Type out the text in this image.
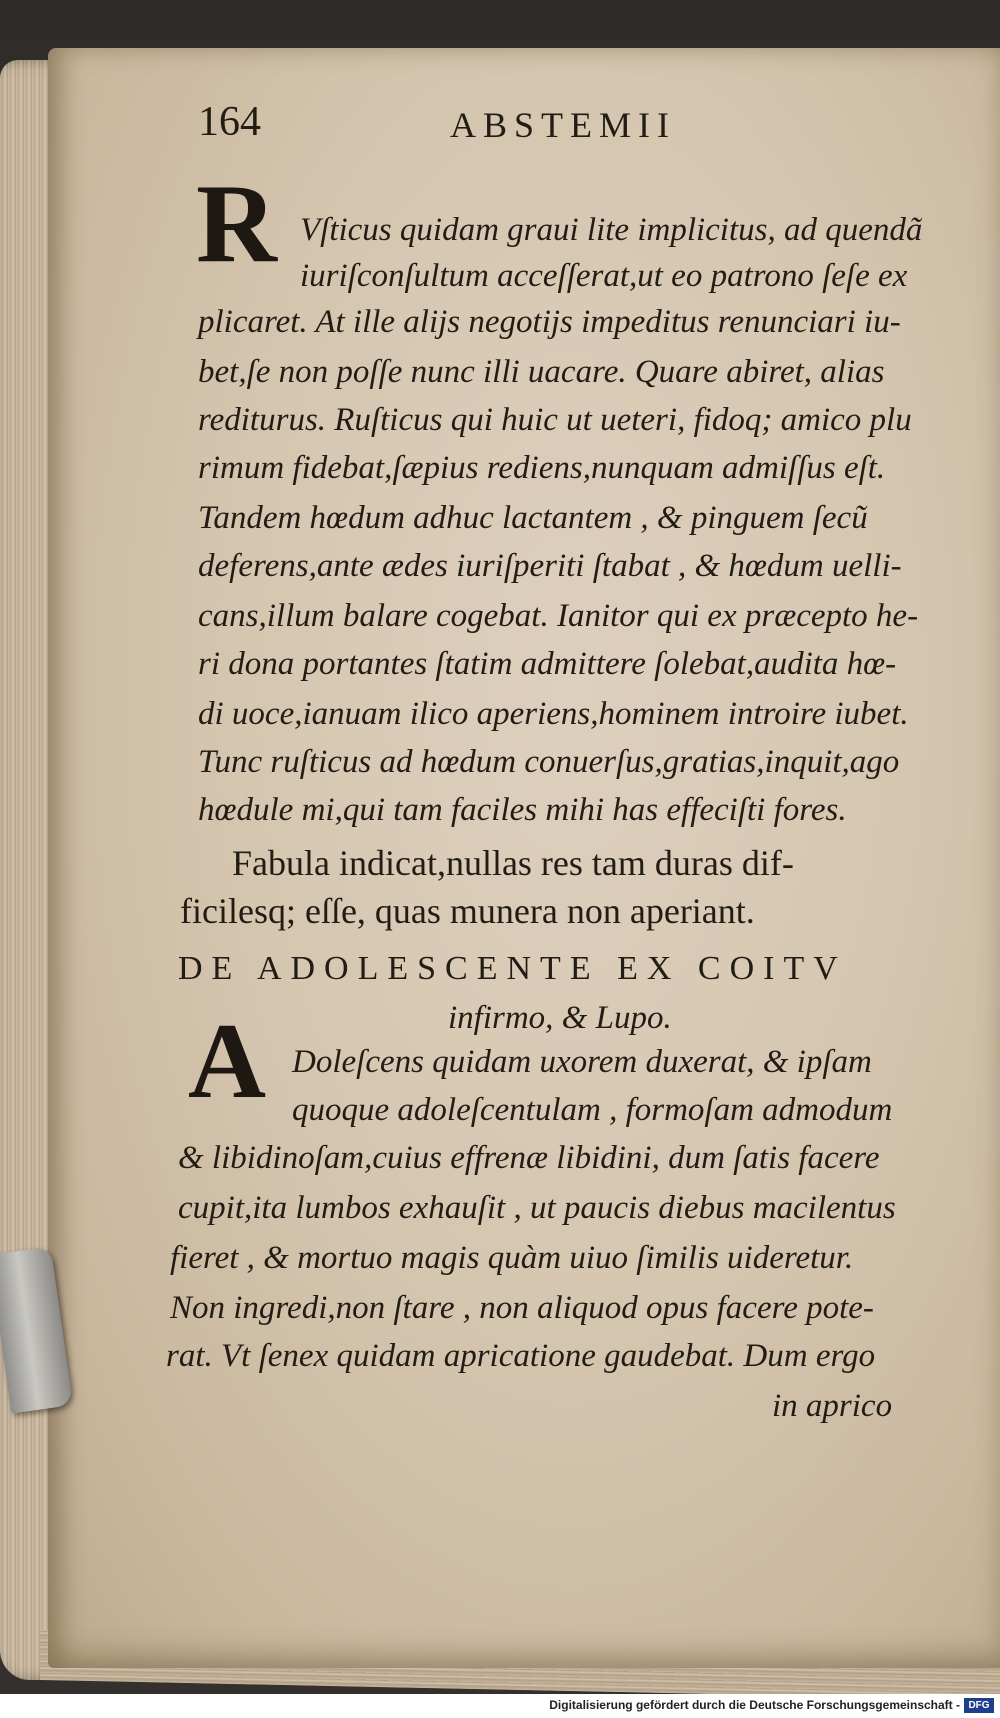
164	ABSTEMII
R Vſticus quidam graui lite implicitus, ad quendã
iuriſconſultum acceſſerat,ut eo patrono ſeſe ex
plicaret. At ille alijs negotijs impeditus renunciari iu-
bet,ſe non poſſe nunc illi uacare. Quare abiret, alias
rediturus. Ruſticus qui huic ut ueteri, fidoq; amico plu
rimum fidebat,ſæpius rediens,nunquam admiſſus eſt.
Tandem hœdum adhuc lactantem , & pinguem ſecũ
deferens,ante ædes iuriſperiti ſtabat , & hœdum uelli-
cans,illum balare cogebat. Ianitor qui ex præcepto he-
ri dona portantes ſtatim admittere ſolebat,audita hœ-
di uoce,ianuam ilico aperiens,hominem introire iubet.
Tunc ruſticus ad hœdum conuerſus,gratias,inquit,ago
hœdule mi,qui tam faciles mihi has effeciſti fores.
Fabula indicat,nullas res tam duras dif-
ficilesq; eſſe, quas munera non aperiant.
DE ADOLESCENTE EX COITV
infirmo, & Lupo.
A Doleſcens quidam uxorem duxerat, & ipſam
quoque adoleſcentulam , formoſam admodum
& libidinoſam,cuius effrenæ libidini, dum ſatis facere
cupit,ita lumbos exhauſit , ut paucis diebus macilentus
fieret , & mortuo magis quàm uiuo ſimilis uideretur.
Non ingredi,non ſtare , non aliquod opus facere pote-
rat. Vt ſenex quidam apricatione gaudebat. Dum ergo
in aprico
Digitalisierung gefördert durch die Deutsche Forschungsgemeinschaft - DFG
